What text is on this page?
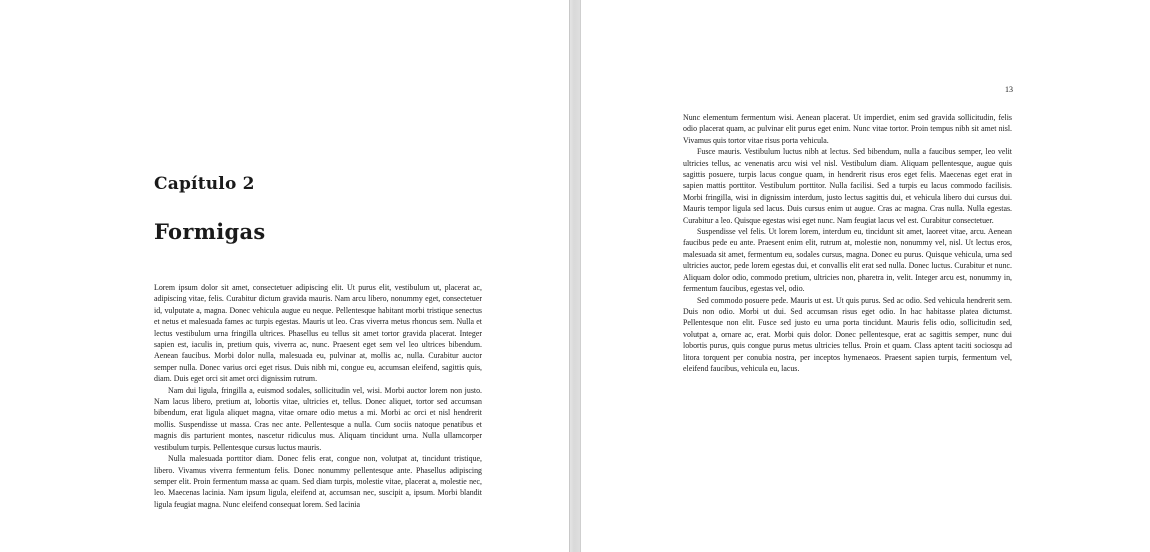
Capítulo 2
Formigas

Lorem ipsum dolor sit amet, consectetuer adipiscing elit. Ut purus elit, vestibulum ut, placerat ac, adipiscing vitae, felis. Curabitur dictum gravida mauris. Nam arcu libero, nonummy eget, consectetuer id, vulputate a, magna. Donec vehicula augue eu neque. Pellentesque habitant morbi tristique senectus et netus et malesuada fames ac turpis egestas. Mauris ut leo. Cras viverra metus rhoncus sem. Nulla et lectus vestibulum urna fringilla ultrices. Phasellus eu tellus sit amet tortor gravida placerat. Integer sapien est, iaculis in, pretium quis, viverra ac, nunc. Praesent eget sem vel leo ultrices bibendum. Aenean faucibus. Morbi dolor nulla, malesuada eu, pulvinar at, mollis ac, nulla. Curabitur auctor semper nulla. Donec varius orci eget risus. Duis nibh mi, congue eu, accumsan eleifend, sagittis quis, diam. Duis eget orci sit amet orci dignissim rutrum.

Nam dui ligula, fringilla a, euismod sodales, sollicitudin vel, wisi. Morbi auctor lorem non justo. Nam lacus libero, pretium at, lobortis vitae, ultricies et, tellus. Donec aliquet, tortor sed accumsan bibendum, erat ligula aliquet magna, vitae ornare odio metus a mi. Morbi ac orci et nisl hendrerit mollis. Suspendisse ut massa. Cras nec ante. Pellentesque a nulla. Cum sociis natoque penatibus et magnis dis parturient montes, nascetur ridiculus mus. Aliquam tincidunt urna. Nulla ullamcorper vestibulum turpis. Pellentesque cursus luctus mauris.

Nulla malesuada porttitor diam. Donec felis erat, congue non, volutpat at, tincidunt tristique, libero. Vivamus viverra fermentum felis. Donec nonummy pellentesque ante. Phasellus adipiscing semper elit. Proin fermentum massa ac quam. Sed diam turpis, molestie vitae, placerat a, molestie nec, leo. Maecenas lacinia. Nam ipsum ligula, eleifend at, accumsan nec, suscipit a, ipsum. Morbi blandit ligula feugiat magna. Nunc eleifend consequat lorem. Sed lacinia

13

Nunc elementum fermentum wisi. Aenean placerat. Ut imperdiet, enim sed gravida sollicitudin, felis odio placerat quam, ac pulvinar elit purus eget enim. Nunc vitae tortor. Proin tempus nibh sit amet nisl. Vivamus quis tortor vitae risus porta vehicula.

Fusce mauris. Vestibulum luctus nibh at lectus. Sed bibendum, nulla a faucibus semper, leo velit ultricies tellus, ac venenatis arcu wisi vel nisl. Vestibulum diam. Aliquam pellentesque, augue quis sagittis posuere, turpis lacus congue quam, in hendrerit risus eros eget felis. Maecenas eget erat in sapien mattis porttitor. Vestibulum porttitor. Nulla facilisi. Sed a turpis eu lacus commodo facilisis. Morbi fringilla, wisi in dignissim interdum, justo lectus sagittis dui, et vehicula libero dui cursus dui. Mauris tempor ligula sed lacus. Duis cursus enim ut augue. Cras ac magna. Cras nulla. Nulla egestas. Curabitur a leo. Quisque egestas wisi eget nunc. Nam feugiat lacus vel est. Curabitur consectetuer.

Suspendisse vel felis. Ut lorem lorem, interdum eu, tincidunt sit amet, laoreet vitae, arcu. Aenean faucibus pede eu ante. Praesent enim elit, rutrum at, molestie non, nonummy vel, nisl. Ut lectus eros, malesuada sit amet, fermentum eu, sodales cursus, magna. Donec eu purus. Quisque vehicula, urna sed ultricies auctor, pede lorem egestas dui, et convallis elit erat sed nulla. Donec luctus. Curabitur et nunc. Aliquam dolor odio, commodo pretium, ultricies non, pharetra in, velit. Integer arcu est, nonummy in, fermentum faucibus, egestas vel, odio.

Sed commodo posuere pede. Mauris ut est. Ut quis purus. Sed ac odio. Sed vehicula hendrerit sem. Duis non odio. Morbi ut dui. Sed accumsan risus eget odio. In hac habitasse platea dictumst. Pellentesque non elit. Fusce sed justo eu urna porta tincidunt. Mauris felis odio, sollicitudin sed, volutpat a, ornare ac, erat. Morbi quis dolor. Donec pellentesque, erat ac sagittis semper, nunc dui lobortis purus, quis congue purus metus ultricies tellus. Proin et quam. Class aptent taciti sociosqu ad litora torquent per conubia nostra, per inceptos hymenaeos. Praesent sapien turpis, fermentum vel, eleifend faucibus, vehicula eu, lacus.
